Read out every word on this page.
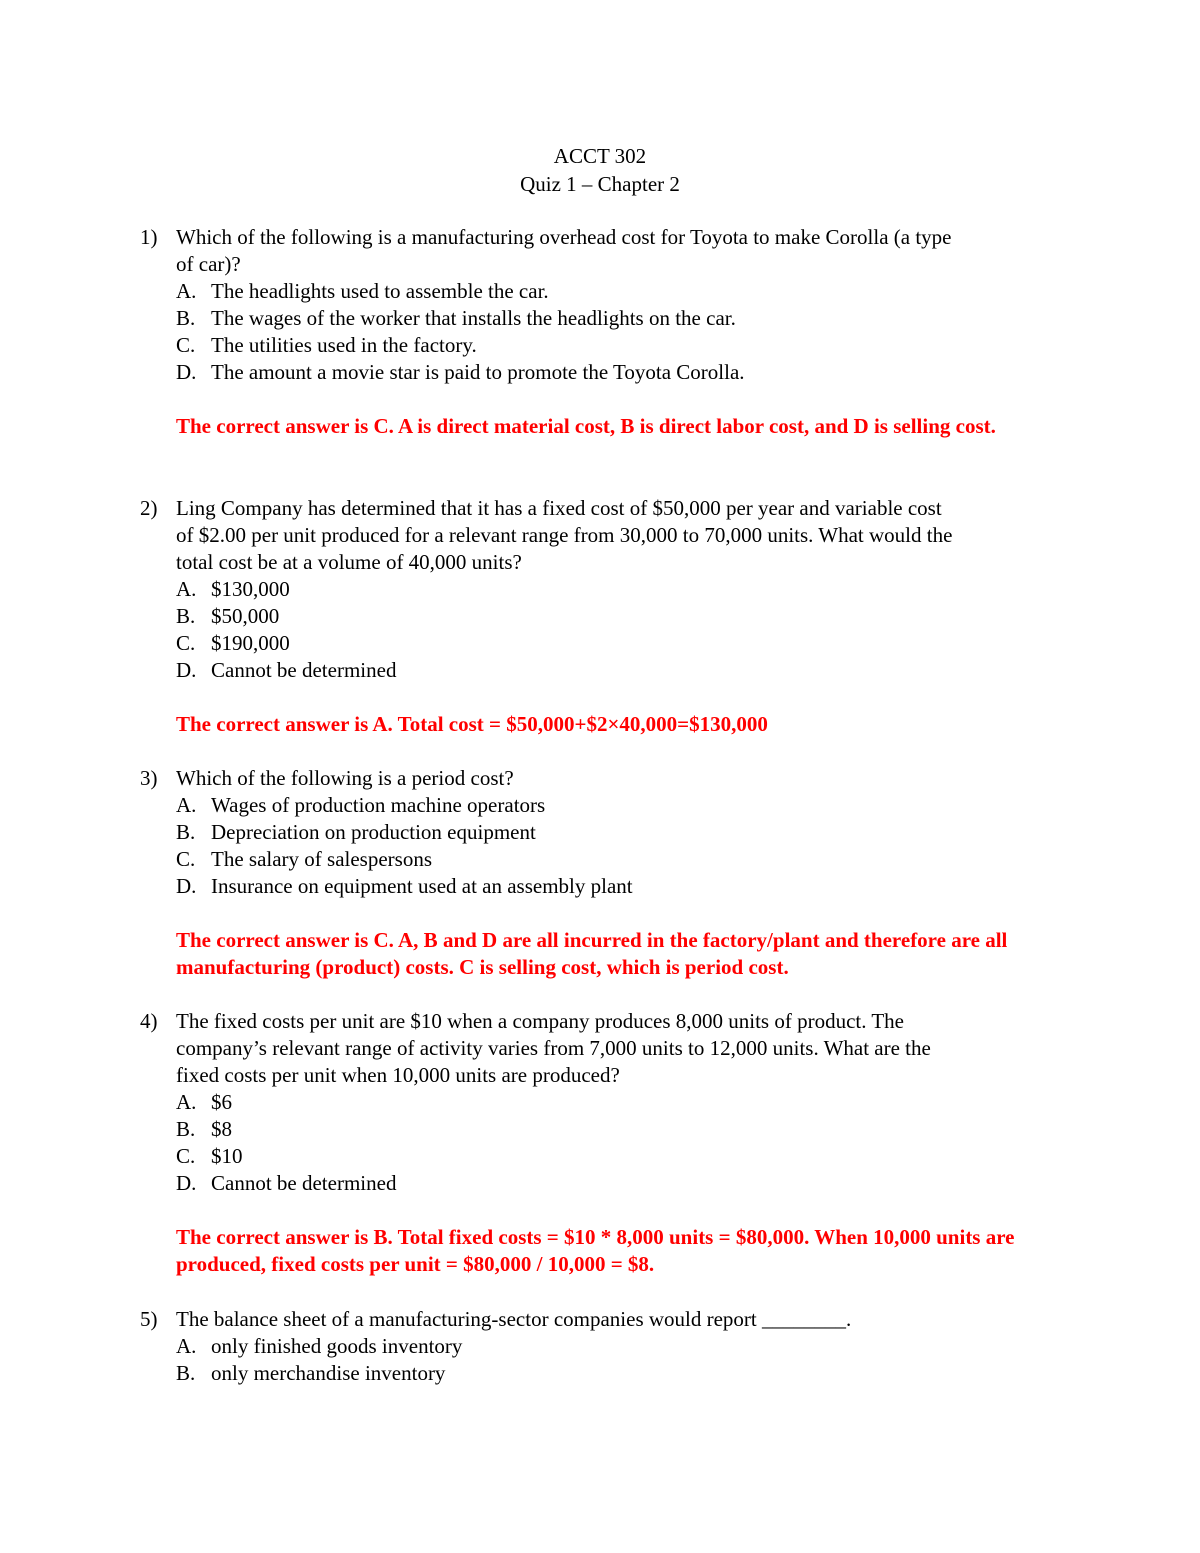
ACCT 302
Quiz 1 – Chapter 2
1) Which of the following is a manufacturing overhead cost for Toyota to make Corolla (a type
of car)?
A. The headlights used to assemble the car.
B. The wages of the worker that installs the headlights on the car.
C. The utilities used in the factory.
D. The amount a movie star is paid to promote the Toyota Corolla.
The correct answer is C. A is direct material cost, B is direct labor cost, and D is selling cost.
2) Ling Company has determined that it has a fixed cost of $50,000 per year and variable cost
of $2.00 per unit produced for a relevant range from 30,000 to 70,000 units. What would the
total cost be at a volume of 40,000 units?
A. $130,000
B. $50,000
C. $190,000
D. Cannot be determined
The correct answer is A. Total cost = $50,000+$2×40,000=$130,000
3) Which of the following is a period cost?
A. Wages of production machine operators
B. Depreciation on production equipment
C. The salary of salespersons
D. Insurance on equipment used at an assembly plant
The correct answer is C. A, B and D are all incurred in the factory/plant and therefore are all manufacturing (product) costs. C is selling cost, which is period cost.
4) The fixed costs per unit are $10 when a company produces 8,000 units of product. The
company’s relevant range of activity varies from 7,000 units to 12,000 units. What are the
fixed costs per unit when 10,000 units are produced?
A. $6
B. $8
C. $10
D. Cannot be determined
The correct answer is B. Total fixed costs = $10 * 8,000 units = $80,000. When 10,000 units are produced, fixed costs per unit = $80,000 / 10,000 = $8.
5) The balance sheet of a manufacturing-sector companies would report ________.
A. only finished goods inventory
B. only merchandise inventory
